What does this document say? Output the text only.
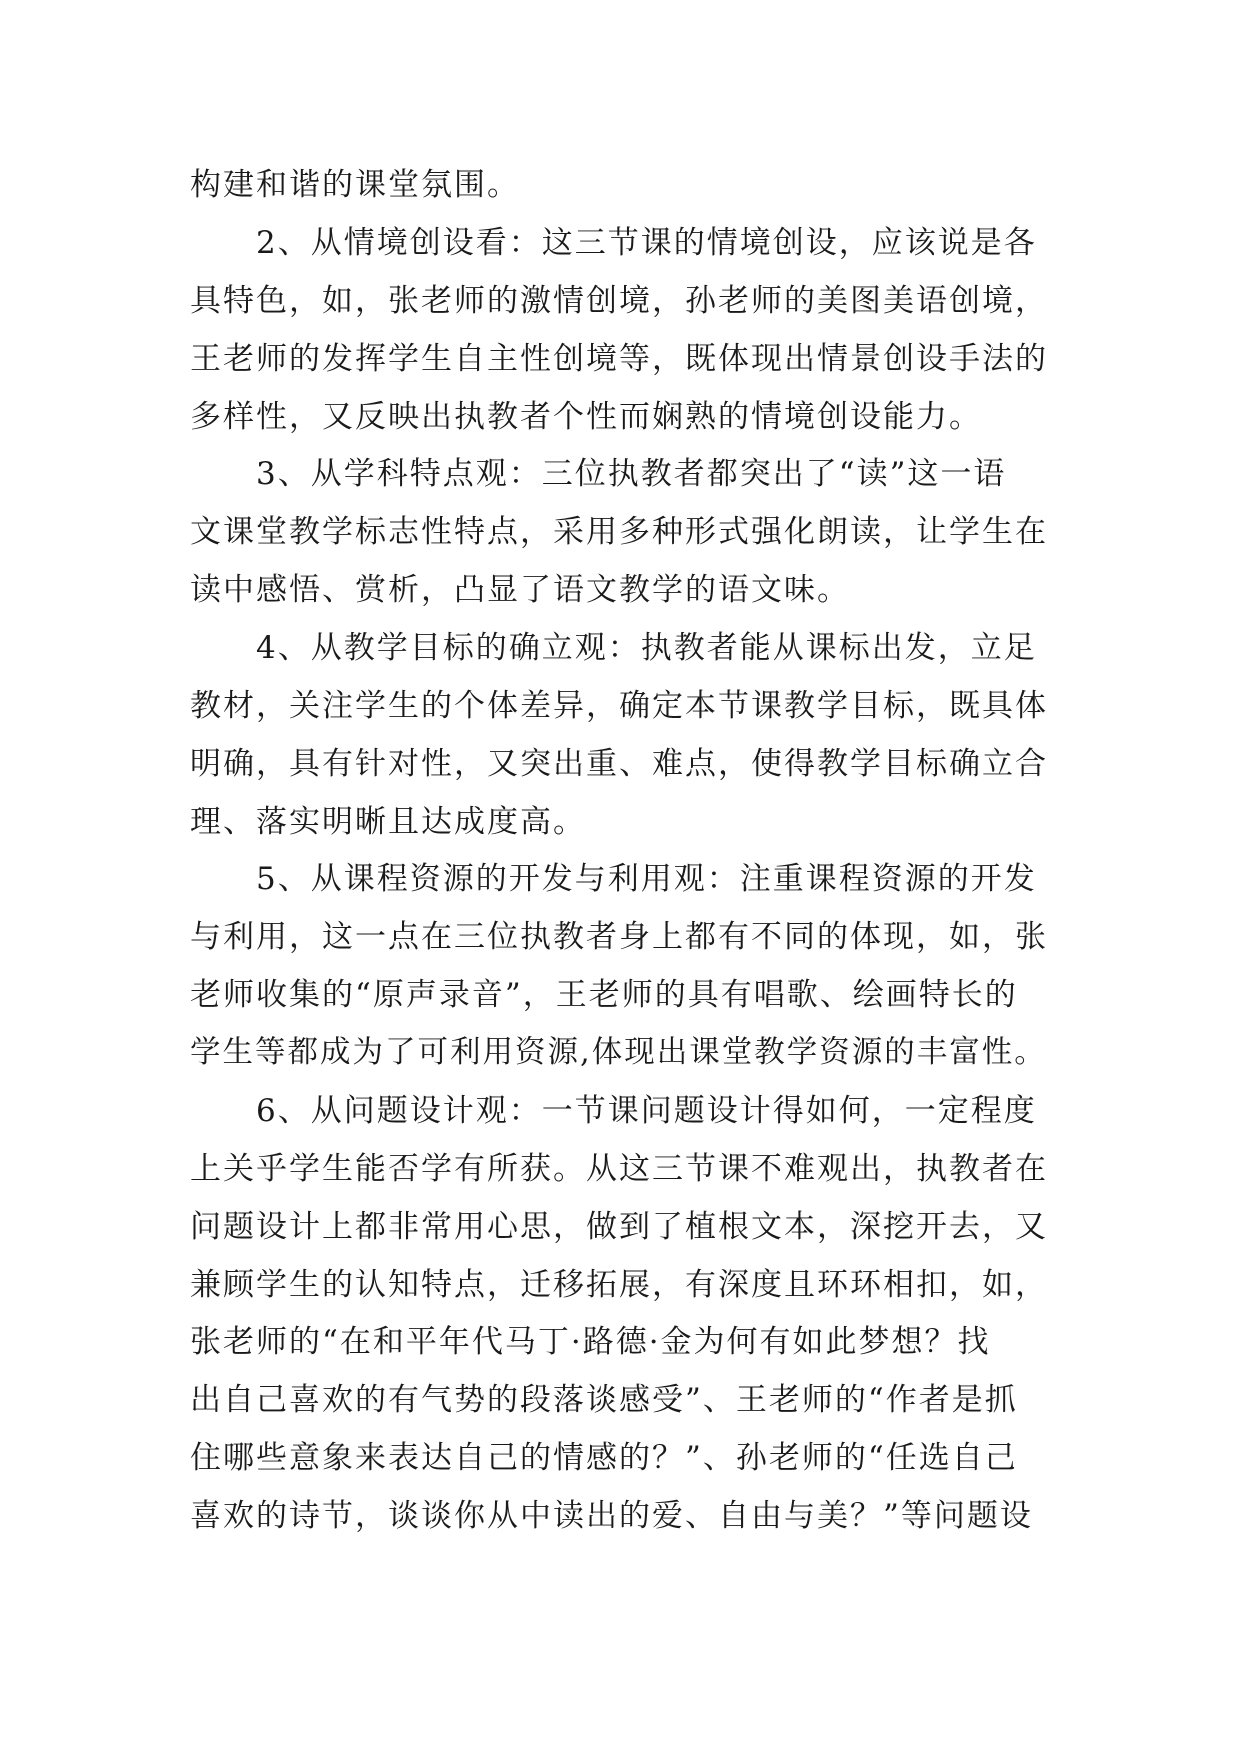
构建和谐的课堂氛围。
　　2、从情境创设看：这三节课的情境创设，应该说是各
具特色，如，张老师的激情创境，孙老师的美图美语创境，
王老师的发挥学生自主性创境等，既体现出情景创设手法的
多样性，又反映出执教者个性而娴熟的情境创设能力。
　　3、从学科特点观：三位执教者都突出了“读”这一语
文课堂教学标志性特点，采用多种形式强化朗读，让学生在
读中感悟、赏析，凸显了语文教学的语文味。
　　4、从教学目标的确立观：执教者能从课标出发，立足
教材，关注学生的个体差异，确定本节课教学目标，既具体
明确，具有针对性，又突出重、难点，使得教学目标确立合
理、落实明晰且达成度高。
　　5、从课程资源的开发与利用观：注重课程资源的开发
与利用，这一点在三位执教者身上都有不同的体现，如，张
老师收集的“原声录音”，王老师的具有唱歌、绘画特长的
学生等都成为了可利用资源,体现出课堂教学资源的丰富性。
　　6、从问题设计观：一节课问题设计得如何，一定程度
上关乎学生能否学有所获。从这三节课不难观出，执教者在
问题设计上都非常用心思，做到了植根文本，深挖开去，又
兼顾学生的认知特点，迁移拓展，有深度且环环相扣，如，
张老师的“在和平年代马丁·路德·金为何有如此梦想？找
出自己喜欢的有气势的段落谈感受”、王老师的“作者是抓
住哪些意象来表达自己的情感的？”、孙老师的“任选自己
喜欢的诗节，谈谈你从中读出的爱、自由与美？”等问题设
